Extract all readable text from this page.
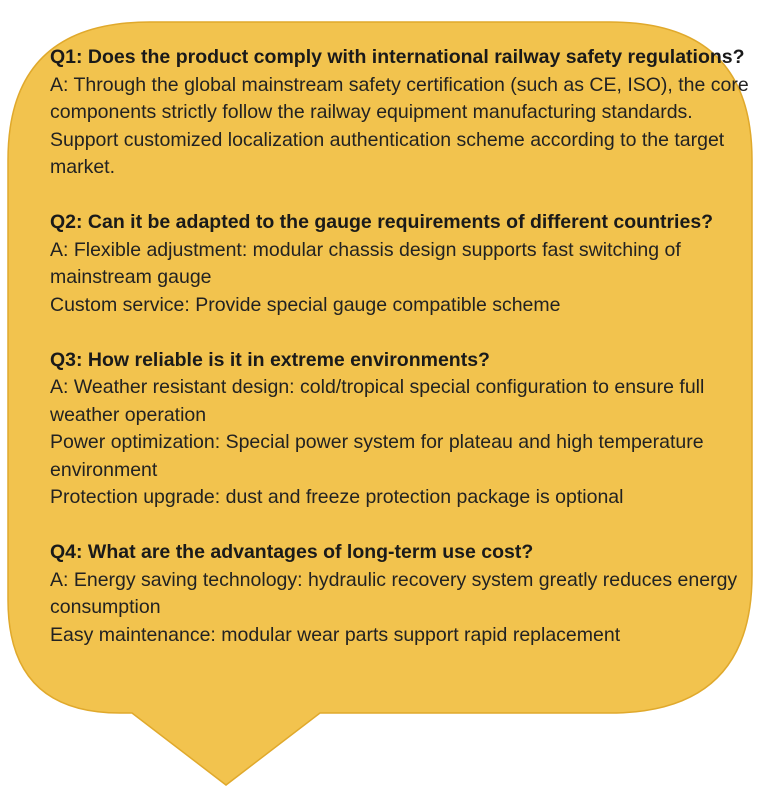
Q1: Does the product comply with international railway safety regulations?
A: Through the global mainstream safety certification (such as CE, ISO), the core components strictly follow the railway equipment manufacturing standards. Support customized localization authentication scheme according to the target market.
Q2: Can it be adapted to the gauge requirements of different countries?
A: Flexible adjustment: modular chassis design supports fast switching of mainstream gauge
Custom service: Provide special gauge compatible scheme
Q3: How reliable is it in extreme environments?
A: Weather resistant design: cold/tropical special configuration to ensure full weather operation
Power optimization: Special power system for plateau and high temperature environment
Protection upgrade: dust and freeze protection package is optional
Q4: What are the advantages of long-term use cost?
A: Energy saving technology: hydraulic recovery system greatly reduces energy consumption
Easy maintenance: modular wear parts support rapid replacement
